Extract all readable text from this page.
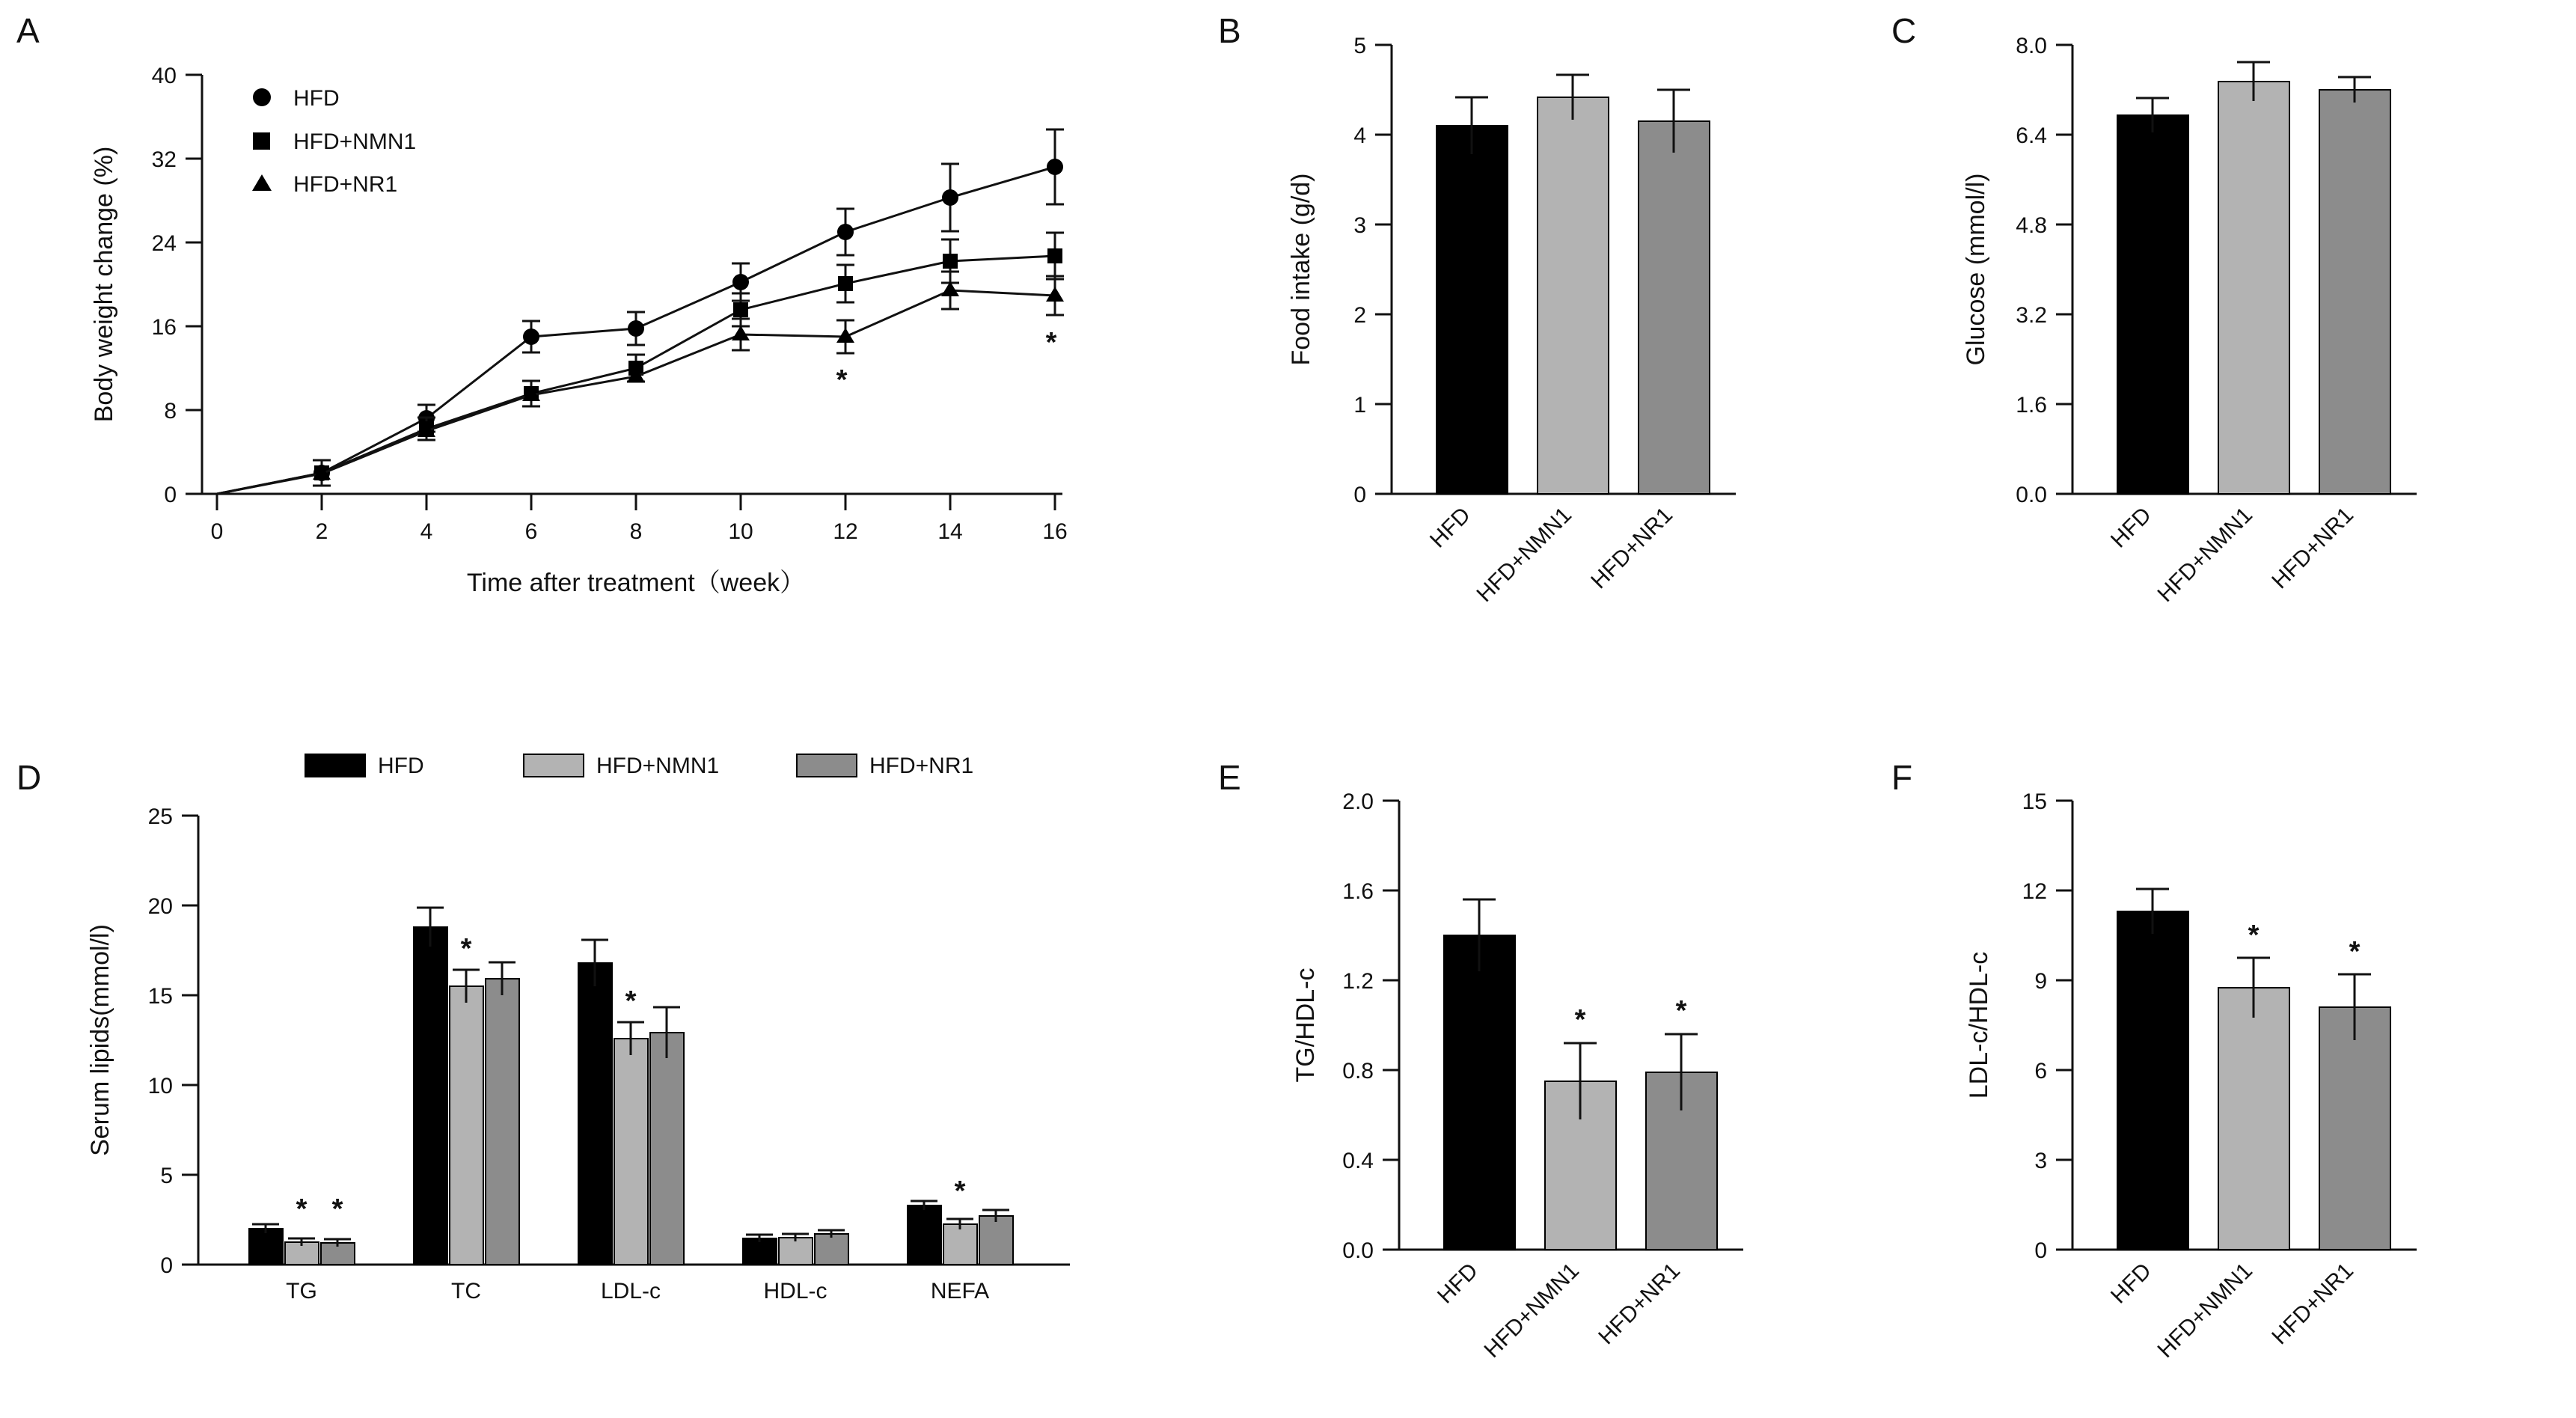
A
0
8
16
24
32
40
0	2	4	6	8	10	12	14	16
Body weight change (%)
Time after treatment（week）
*
*
HFD
HFD+NMN1
HFD+NR1
B
0
1
2
3
4
5
Food intake (g/d)
HFD
HFD+NMN1 HFD+NR1
C
0.0
1.6
3.2
4.8
6.4
8.0
Glucose (mmol/l)
HFD
HFD+NMN1 HFD+NR1
D	HFD	HFD+NMN1	HFD+NR1
0
5
10
15
20
25
Serum lipids(mmol/l)
* *
TG
*
TC
*
LDL-c	HDL-c
*
NEFA
E
0.0
0.4
0.8
1.2
1.6
2.0
TG/HDL-c	*	*
HFD
HFD+NMN1 HFD+NR1
F
0
3
6
9
12
15
LDL-c/HDL-c
*
*
HFD
HFD+NMN1 HFD+NR1
